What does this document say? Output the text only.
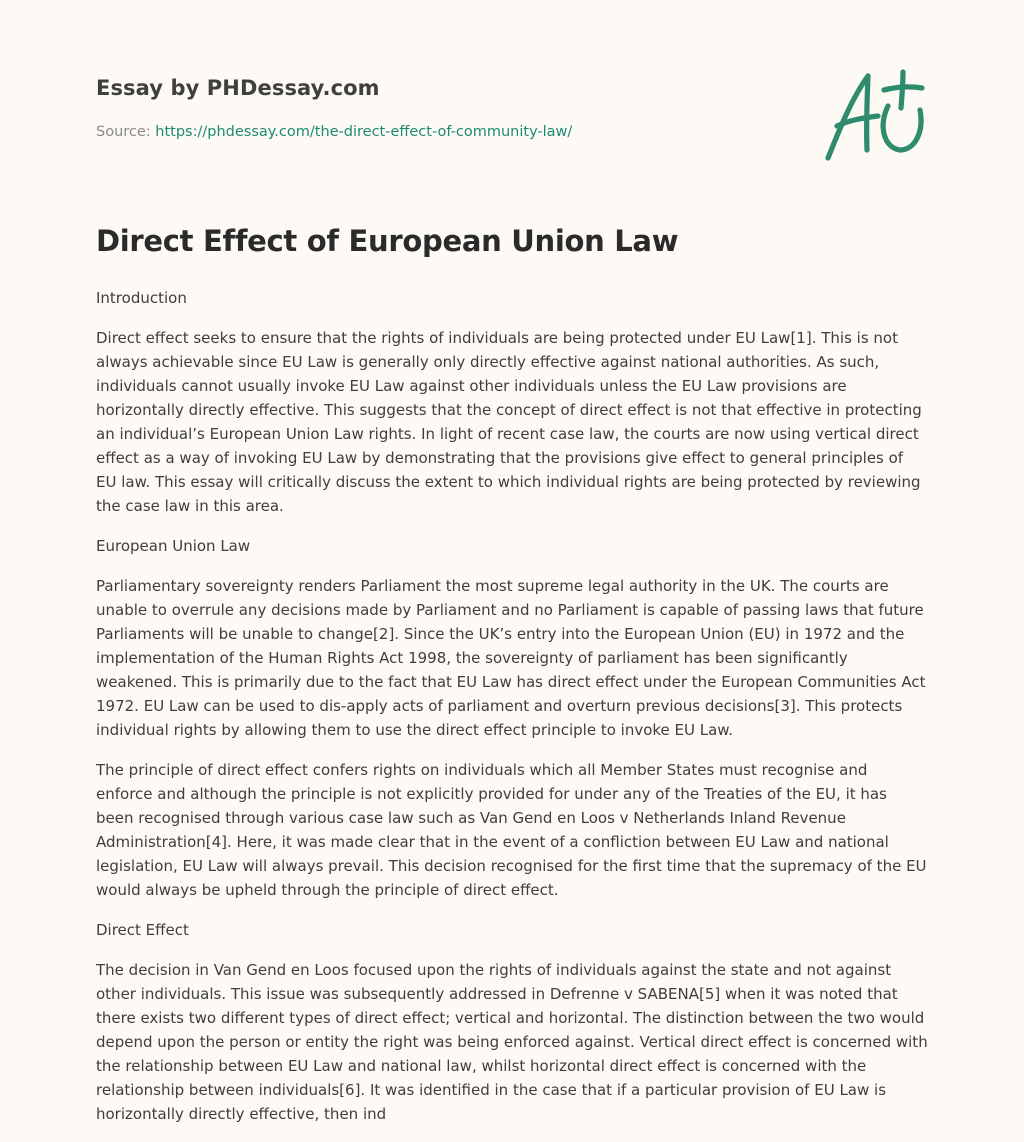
Essay by PHDessay.com

Source: https://phdessay.com/the-direct-effect-of-community-law/

Direct Effect of European Union Law

Introduction

Direct effect seeks to ensure that the rights of individuals are being protected under EU Law[1]. This is not always achievable since EU Law is generally only directly effective against national authorities. As such, individuals cannot usually invoke EU Law against other individuals unless the EU Law provisions are horizontally directly effective. This suggests that the concept of direct effect is not that effective in protecting an individual’s European Union Law rights. In light of recent case law, the courts are now using vertical direct effect as a way of invoking EU Law by demonstrating that the provisions give effect to general principles of EU law. This essay will critically discuss the extent to which individual rights are being protected by reviewing the case law in this area.

European Union Law

Parliamentary sovereignty renders Parliament the most supreme legal authority in the UK. The courts are unable to overrule any decisions made by Parliament and no Parliament is capable of passing laws that future Parliaments will be unable to change[2]. Since the UK’s entry into the European Union (EU) in 1972 and the implementation of the Human Rights Act 1998, the sovereignty of parliament has been significantly weakened. This is primarily due to the fact that EU Law has direct effect under the European Communities Act 1972. EU Law can be used to dis-apply acts of parliament and overturn previous decisions[3]. This protects individual rights by allowing them to use the direct effect principle to invoke EU Law.

The principle of direct effect confers rights on individuals which all Member States must recognise and enforce and although the principle is not explicitly provided for under any of the Treaties of the EU, it has been recognised through various case law such as Van Gend en Loos v Netherlands Inland Revenue Administration[4]. Here, it was made clear that in the event of a confliction between EU Law and national legislation, EU Law will always prevail. This decision recognised for the first time that the supremacy of the EU would always be upheld through the principle of direct effect.

Direct Effect

The decision in Van Gend en Loos focused upon the rights of individuals against the state and not against other individuals. This issue was subsequently addressed in Defrenne v SABENA[5] when it was noted that there exists two different types of direct effect; vertical and horizontal. The distinction between the two would depend upon the person or entity the right was being enforced against. Vertical direct effect is concerned with the relationship between EU Law and national law, whilst horizontal direct effect is concerned with the relationship between individuals[6]. It was identified in the case that if a particular provision of EU Law is horizontally directly effective, then ind
